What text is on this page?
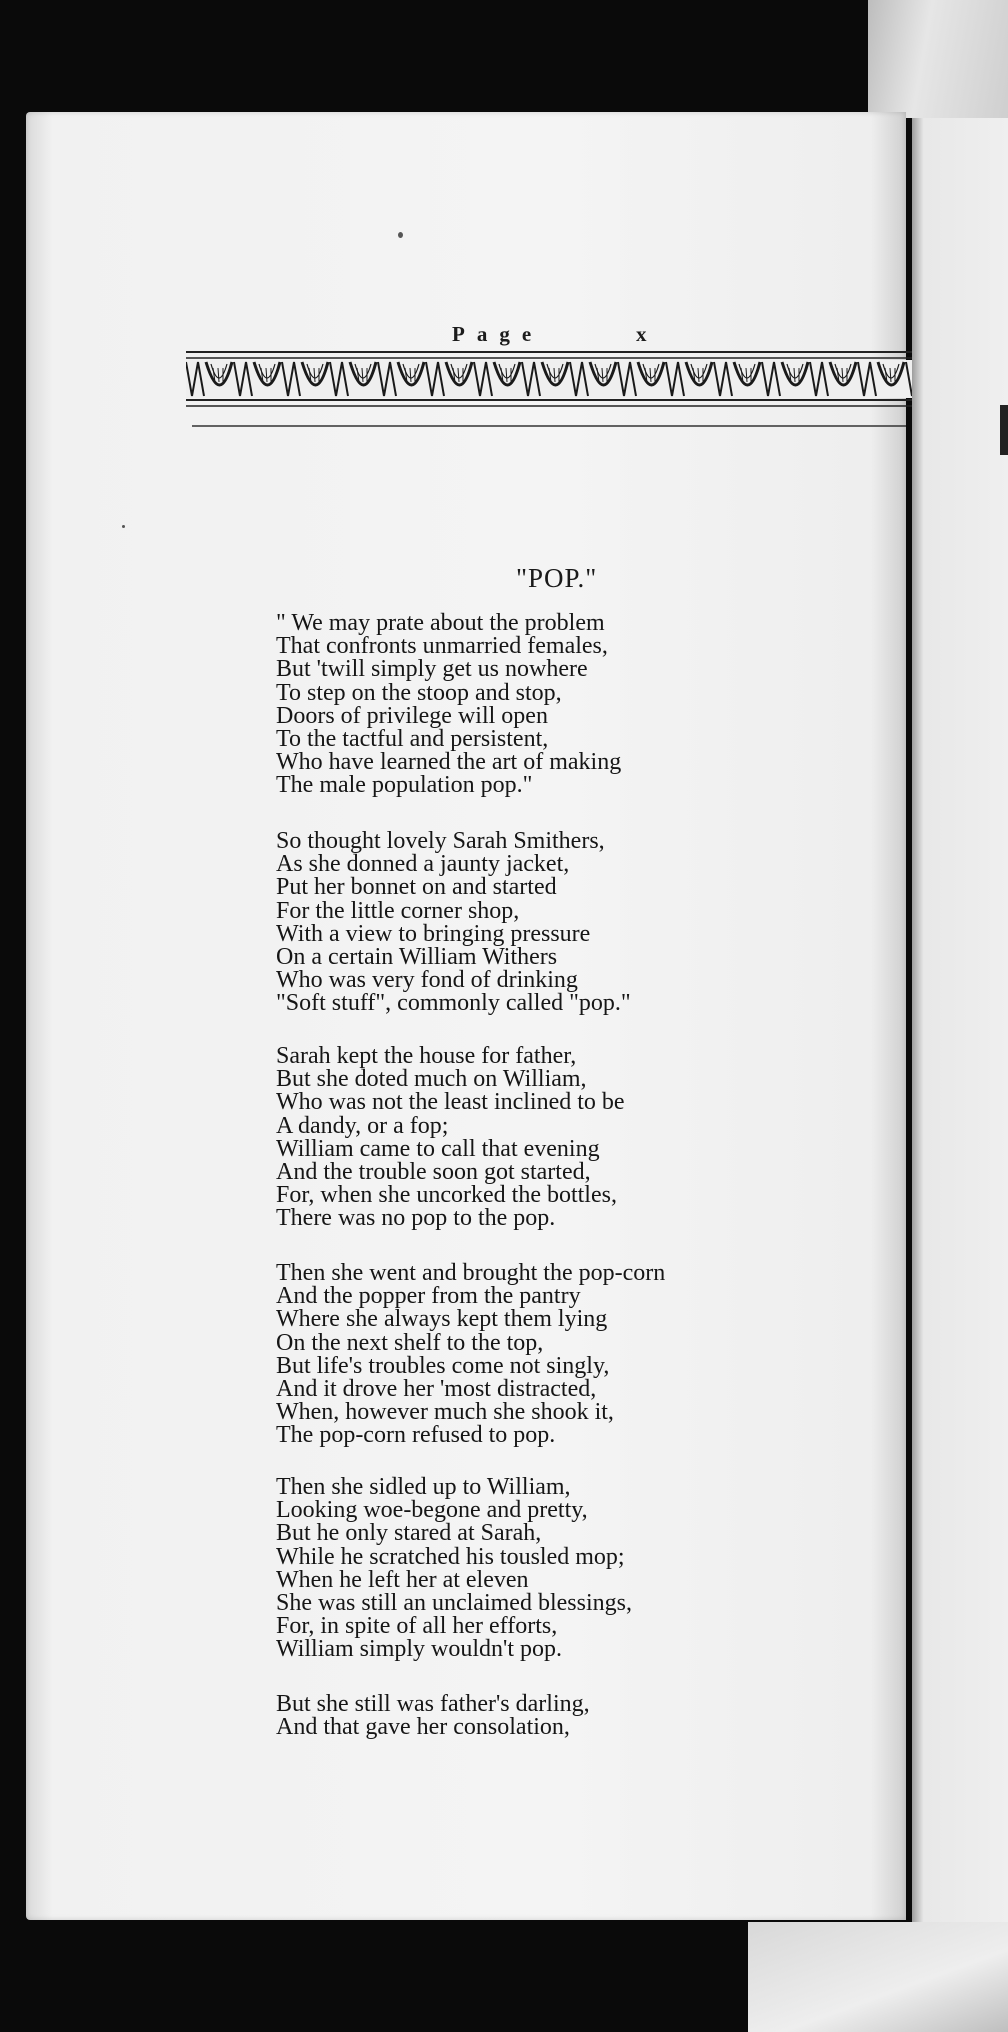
Page	x
"POP."
" We may prate about the problem
That confronts unmarried females,
But 'twill simply get us nowhere
To step on the stoop and stop,
Doors of privilege will open
To the tactful and persistent,
Who have learned the art of making
The male population pop."
So thought lovely Sarah Smithers,
As she donned a jaunty jacket,
Put her bonnet on and started
For the little corner shop,
With a view to bringing pressure
On a certain William Withers
Who was very fond of drinking
"Soft stuff", commonly called "pop."
Sarah kept the house for father,
But she doted much on William,
Who was not the least inclined to be
A dandy, or a fop;
William came to call that evening
And the trouble soon got started,
For, when she uncorked the bottles,
There was no pop to the pop.
Then she went and brought the pop-corn
And the popper from the pantry
Where she always kept them lying
On the next shelf to the top,
But life's troubles come not singly,
And it drove her 'most distracted,
When, however much she shook it,
The pop-corn refused to pop.
Then she sidled up to William,
Looking woe-begone and pretty,
But he only stared at Sarah,
While he scratched his tousled mop;
When he left her at eleven
She was still an unclaimed blessings,
For, in spite of all her efforts,
William simply wouldn't pop.
But she still was father's darling,
And that gave her consolation,
